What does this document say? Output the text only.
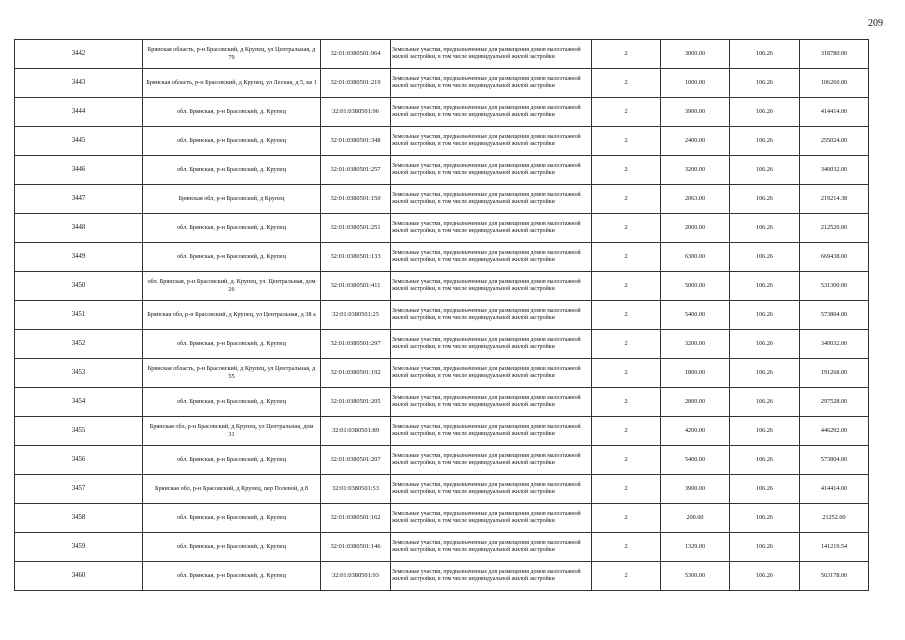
209
3442	Брянская область, р-н Брасовский, д Крупец, ул Центральная, д 79	32:01:0380501:964	Земельные участки, предназначенные для размещения домов малоэтажной жилой застройки, в том числе индивидуальной жилой застройки	2	3000.00	106.26	318780.00
3443	Брянская область, р-н Брасовский, д Крупец, ул Лесная, д 5, кв 1	32:01:0380501:219	Земельные участки, предназначенные для размещения домов малоэтажной жилой застройки, в том числе индивидуальной жилой застройки	2	1000.00	106.26	106260.00
3444	обл. Брянская, р-н Брасовский, д. Крупец	32:01:0380501:96	Земельные участки, предназначенные для размещения домов малоэтажной жилой застройки, в том числе индивидуальной жилой застройки	2	3900.00	106.26	414414.00
3445	обл. Брянская, р-н Брасовский, д. Крупец	32:01:0380501:348	Земельные участки, предназначенные для размещения домов малоэтажной жилой застройки, в том числе индивидуальной жилой застройки	2	2400.00	106.26	255024.00
3446	обл. Брянская, р-н Брасовский, д. Крупец	32:01:0380501:257	Земельные участки, предназначенные для размещения домов малоэтажной жилой застройки, в том числе индивидуальной жилой застройки	2	3200.00	106.26	340032.00
3447	Брянская обл, р-н Брасовский, д Крупец	32:01:0380501:150	Земельные участки, предназначенные для размещения домов малоэтажной жилой застройки, в том числе индивидуальной жилой застройки	2	2063.00	106.26	219214.38
3448	обл. Брянская, р-н Брасовский, д. Крупец	32:01:0380501:251	Земельные участки, предназначенные для размещения домов малоэтажной жилой застройки, в том числе индивидуальной жилой застройки	2	2000.00	106.26	212520.00
3449	обл. Брянская, р-н Брасовский, д. Крупец	32:01:0380501:133	Земельные участки, предназначенные для размещения домов малоэтажной жилой застройки, в том числе индивидуальной жилой застройки	2	6300.00	106.26	669438.00
3450	обл. Брянская, р-н Брасовский, д. Крупец, ул. Центральная, дом 26	32:01:0380501:411	Земельные участки, предназначенные для размещения домов малоэтажной жилой застройки, в том числе индивидуальной жилой застройки	2	5000.00	106.26	531300.00
3451	Брянская обл, р-н Брасовский, д Крупец, ул Центральная, д 38 а	32:01:0380501:25	Земельные участки, предназначенные для размещения домов малоэтажной жилой застройки, в том числе индивидуальной жилой застройки	2	5400.00	106.26	573804.00
3452	обл. Брянская, р-н Брасовский, д. Крупец	32:01:0380501:297	Земельные участки, предназначенные для размещения домов малоэтажной жилой застройки, в том числе индивидуальной жилой застройки	2	3200.00	106.26	340032.00
3453	Брянская область, р-н Брасовский, д Крупец, ул Центральная, д 55	32:01:0380501:192	Земельные участки, предназначенные для размещения домов малоэтажной жилой застройки, в том числе индивидуальной жилой застройки	2	1800.00	106.26	191268.00
3454	обл. Брянская, р-н Брасовский, д. Крупец	32:01:0380501:205	Земельные участки, предназначенные для размещения домов малоэтажной жилой застройки, в том числе индивидуальной жилой застройки	2	2800.00	106.26	297528.00
3455	Брянская обл, р-н Брасовский, д Крупец, ул Центральная, дом 31	32:01:0380501:89	Земельные участки, предназначенные для размещения домов малоэтажной жилой застройки, в том числе индивидуальной жилой застройки	2	4200.00	106.26	446292.00
3456	обл. Брянская, р-н Брасовский, д. Крупец	32:01:0380501:207	Земельные участки, предназначенные для размещения домов малоэтажной жилой застройки, в том числе индивидуальной жилой застройки	2	5400.00	106.26	573804.00
3457	Брянская обл, р-н Брасовский, д Крупец, пер Полевой, д 8	32:01:0380501:53	Земельные участки, предназначенные для размещения домов малоэтажной жилой застройки, в том числе индивидуальной жилой застройки	2	3900.00	106.26	414414.00
3458	обл. Брянская, р-н Брасовский, д. Крупец	32:01:0380501:162	Земельные участки, предназначенные для размещения домов малоэтажной жилой застройки, в том числе индивидуальной жилой застройки	2	200.00	106.26	21252.00
3459	обл. Брянская, р-н Брасовский, д. Крупец	32:01:0380501:146	Земельные участки, предназначенные для размещения домов малоэтажной жилой застройки, в том числе индивидуальной жилой застройки	2	1329.00	106.26	141219.54
3460	обл. Брянская, р-н Брасовский, д. Крупец	32:01:0380501:93	Земельные участки, предназначенные для размещения домов малоэтажной жилой застройки, в том числе индивидуальной жилой застройки	2	5300.00	106.26	563178.00
